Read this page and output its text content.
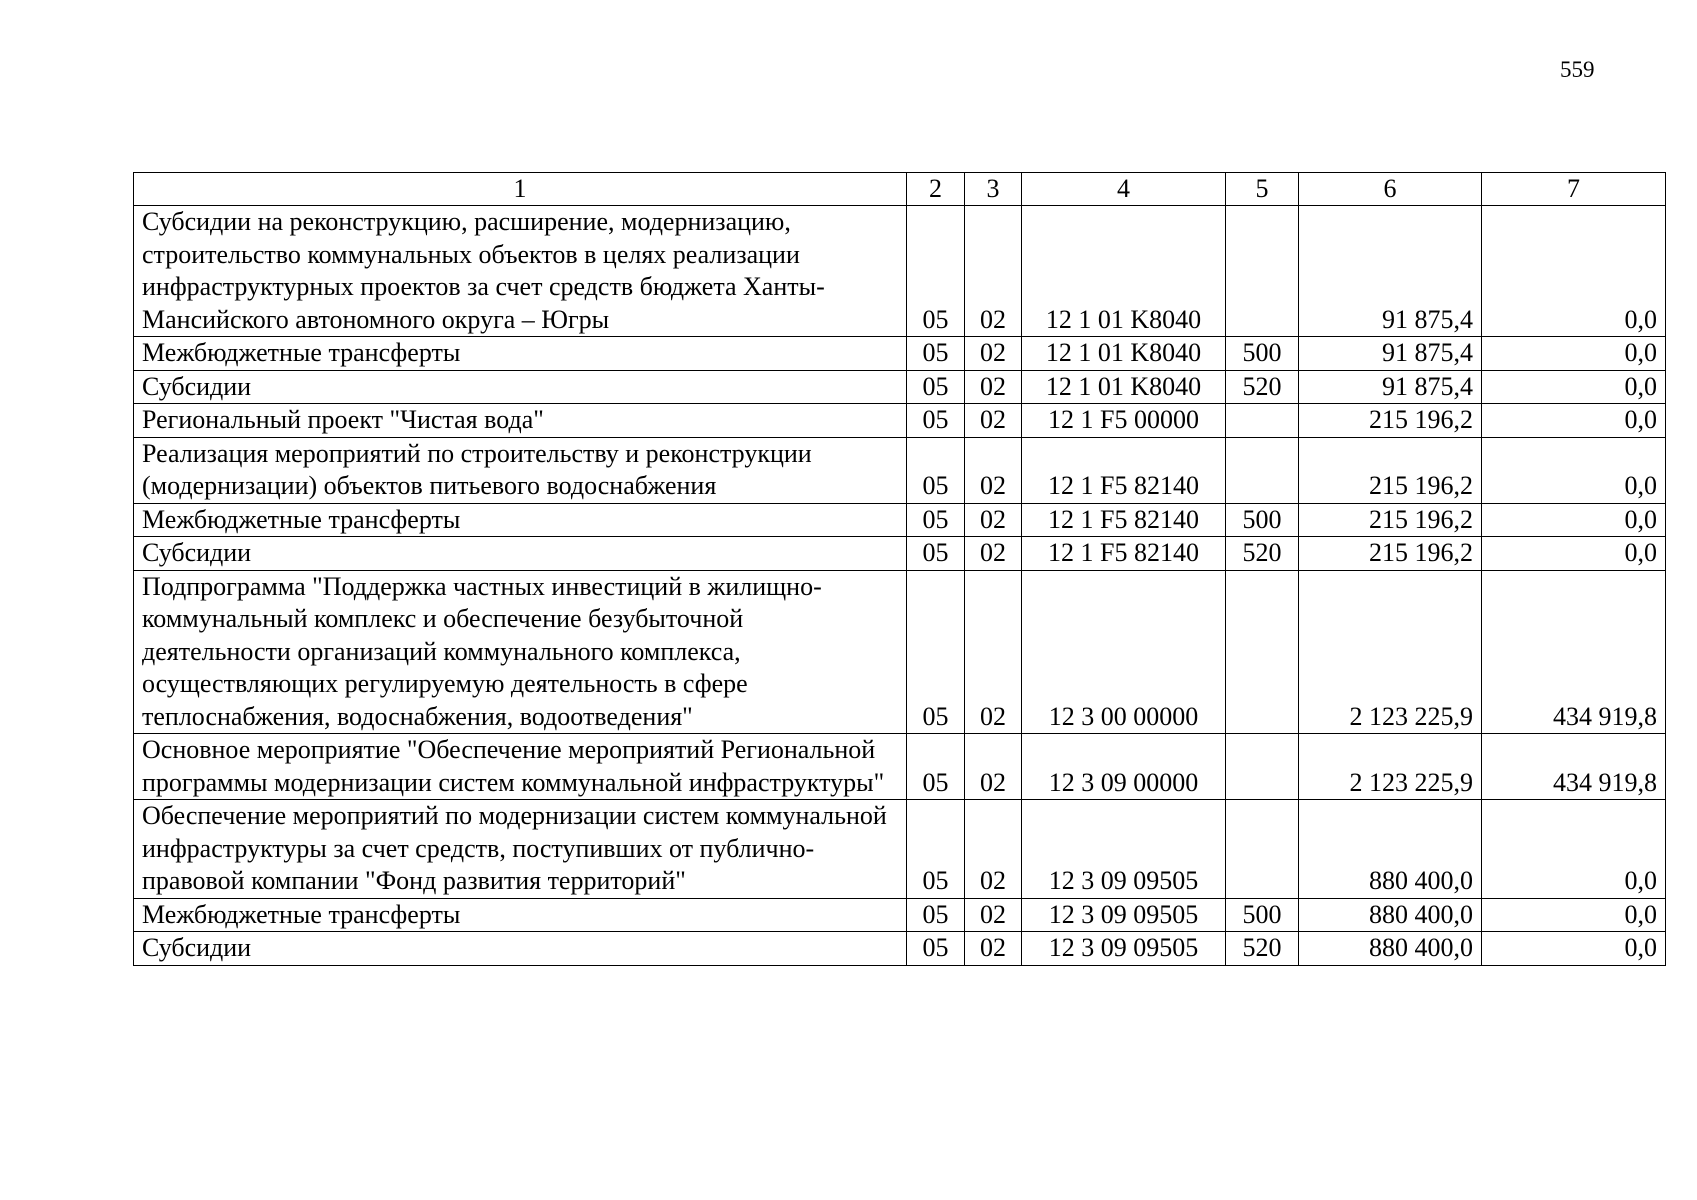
559
1	2	3	4	5	6	7
Субсидии на реконструкцию, расширение, модернизацию, строительство коммунальных объектов в целях реализации инфраструктурных проектов за счет средств бюджета Ханты-Мансийского автономного округа – Югры	05	02	12 1 01 K8040		91 875,4	0,0
Межбюджетные трансферты	05	02	12 1 01 K8040	500	91 875,4	0,0
Субсидии	05	02	12 1 01 K8040	520	91 875,4	0,0
Региональный проект "Чистая вода"	05	02	12 1 F5 00000		215 196,2	0,0
Реализация мероприятий по строительству и реконструкции (модернизации) объектов питьевого водоснабжения	05	02	12 1 F5 82140		215 196,2	0,0
Межбюджетные трансферты	05	02	12 1 F5 82140	500	215 196,2	0,0
Субсидии	05	02	12 1 F5 82140	520	215 196,2	0,0
Подпрограмма "Поддержка частных инвестиций в жилищно-коммунальный комплекс и обеспечение безубыточной деятельности организаций коммунального комплекса, осуществляющих регулируемую деятельность в сфере теплоснабжения, водоснабжения, водоотведения"	05	02	12 3 00 00000		2 123 225,9	434 919,8
Основное мероприятие "Обеспечение мероприятий Региональной программы модернизации систем коммунальной инфраструктуры"	05	02	12 3 09 00000		2 123 225,9	434 919,8
Обеспечение мероприятий по модернизации систем коммунальной инфраструктуры за счет средств, поступивших от публично-правовой компании "Фонд развития территорий"	05	02	12 3 09 09505		880 400,0	0,0
Межбюджетные трансферты	05	02	12 3 09 09505	500	880 400,0	0,0
Субсидии	05	02	12 3 09 09505	520	880 400,0	0,0
